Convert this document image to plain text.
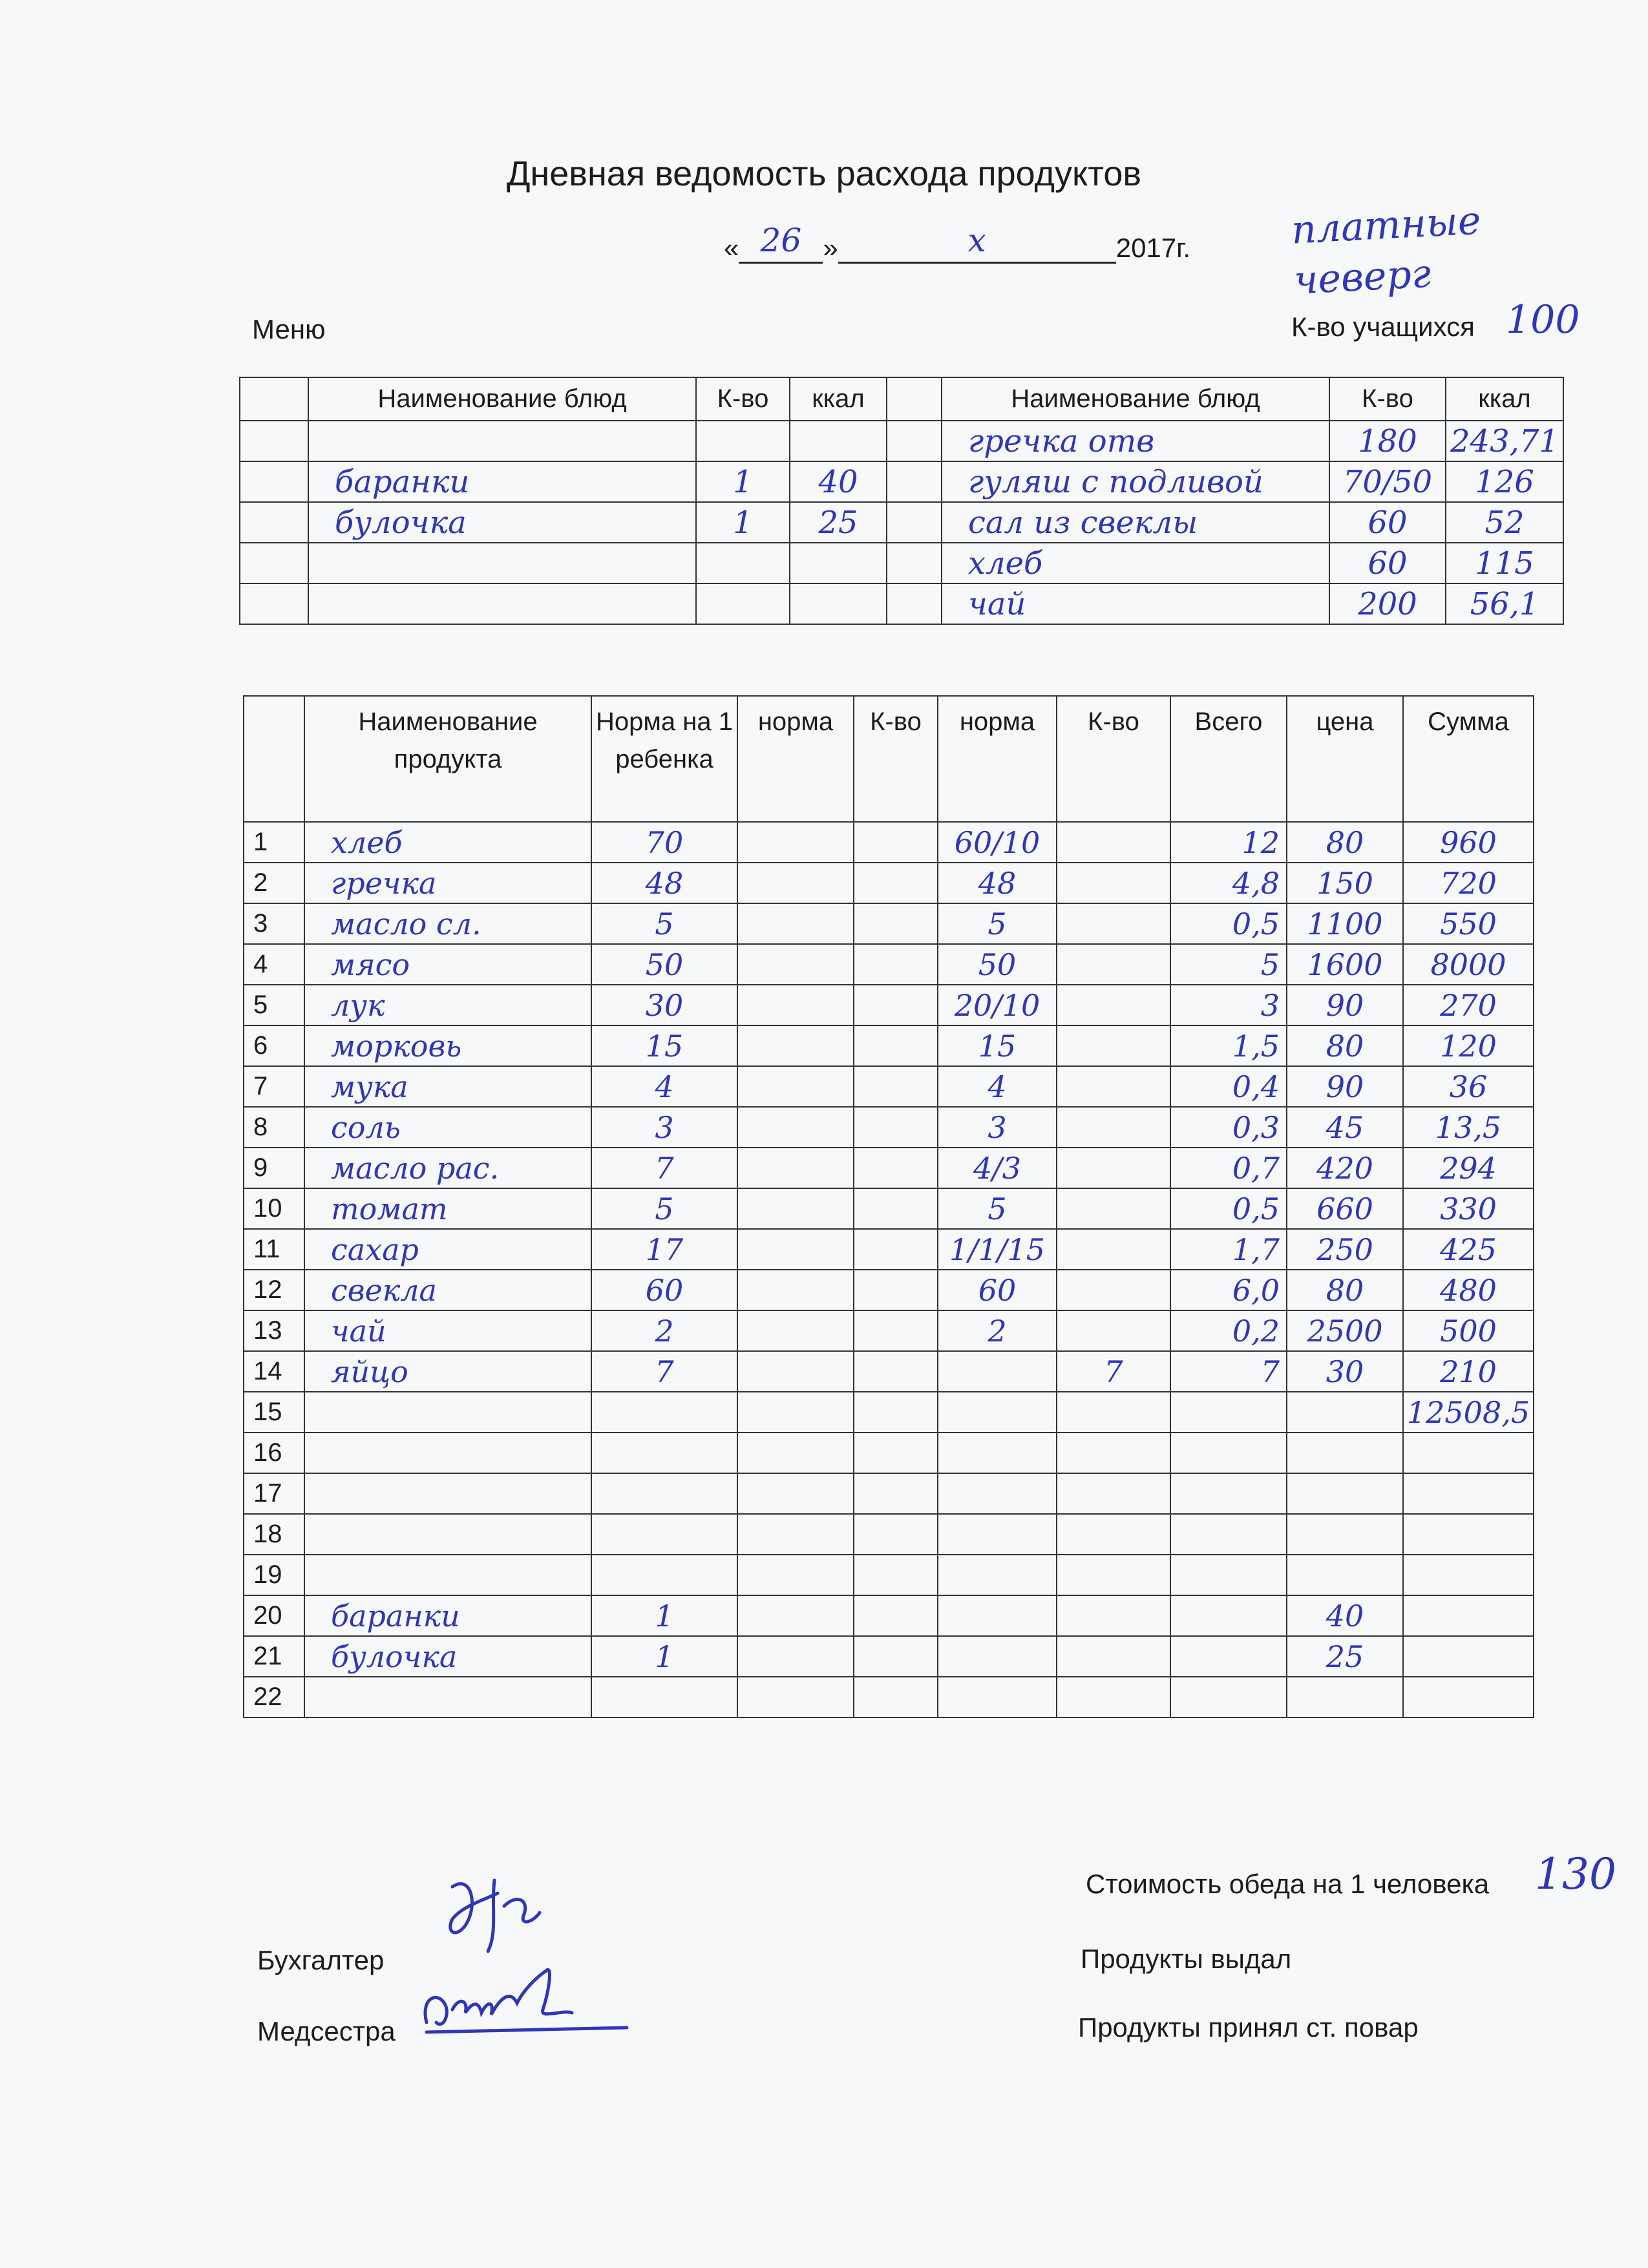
Дневная ведомость расхода продуктов
« 26 »	х	2017г.	платные
чеверг
Меню	К-во учащихся 100
	Наименование блюд	К-во	ккал		Наименование блюд	К-во	ккал

					гречка отв	180	243,71

	баранки	1	40		гуляш с подливой	70/50	126

	булочка	1	25		сал из свеклы	60	52

					хлеб	60	115

					чай	200	56,1
	Наименование продукта	Норма на 1 ребенка	норма	К-во	норма	К-во	Всего	цена	Сумма
1	хлеб	70			60/10		12	80	960

2	гречка	48			48		4,8	150	720

3	масло сл.	5			5		0,5	1100	550

4	мясо	50			50		5	1600	8000

5	лук	30			20/10		3	90	270

6	морковь	15			15		1,5	80	120

7	мука	4			4		0,4	90	36

8	соль	3			3		0,3	45	13,5

9	масло рас.	7			4/3		0,7	420	294

10	томат	5			5		0,5	660	330

11	сахар	17			1/1/15		1,7	250	425

12	свекла	60			60		6,0	80	480

13	чай	2			2		0,2	2500	500

14	яйцо	7				7	7	30	210

15									12508,5

16	

17	

18	

19	

20	баранки	1						40	

21	булочка	1						25	

22	

Стоимость обеда на 1 человека 130
Бухгалтер
Медсестра
Продукты выдал
Продукты принял ст. повар
